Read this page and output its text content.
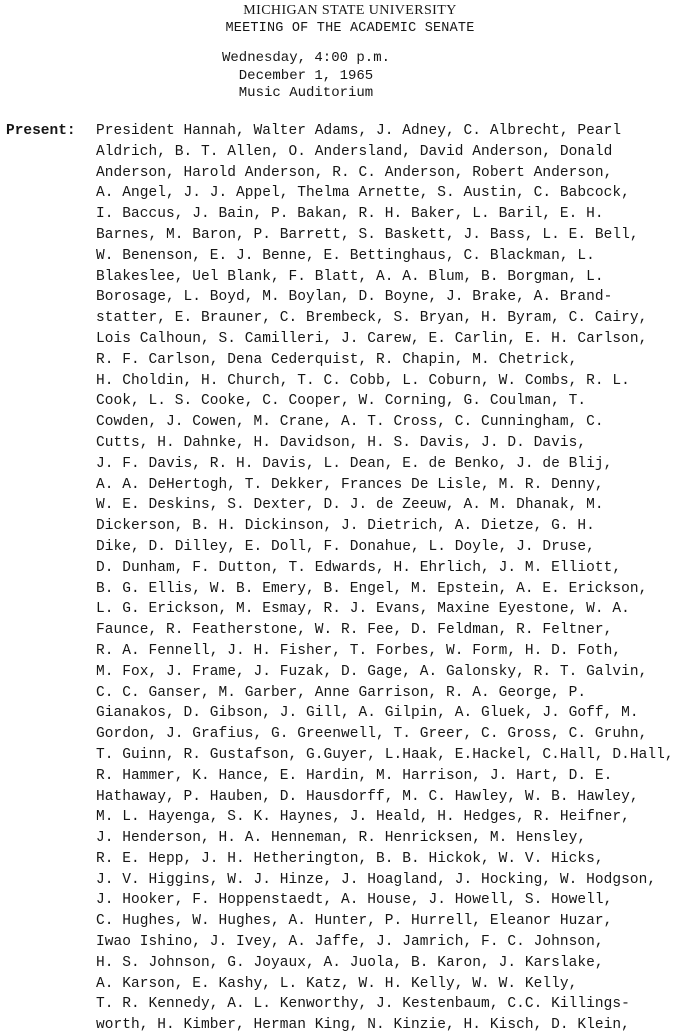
MICHIGAN STATE UNIVERSITY
MEETING OF THE ACADEMIC SENATE
Wednesday, 4:00 p.m.
December 1, 1965
Music Auditorium
Present: President Hannah, Walter Adams, J. Adney, C. Albrecht, Pearl
Aldrich, B. T. Allen, O. Andersland, David Anderson, Donald
Anderson, Harold Anderson, R. C. Anderson, Robert Anderson,
A. Angel, J. J. Appel, Thelma Arnette, S. Austin, C. Babcock,
I. Baccus, J. Bain, P. Bakan, R. H. Baker, L. Baril, E. H.
Barnes, M. Baron, P. Barrett, S. Baskett, J. Bass, L. E. Bell,
W. Benenson, E. J. Benne, E. Bettinghaus, C. Blackman, L.
Blakeslee, Uel Blank, F. Blatt, A. A. Blum, B. Borgman, L.
Borosage, L. Boyd, M. Boylan, D. Boyne, J. Brake, A. Brand-
statter, E. Brauner, C. Brembeck, S. Bryan, H. Byram, C. Cairy,
Lois Calhoun, S. Camilleri, J. Carew, E. Carlin, E. H. Carlson,
R. F. Carlson, Dena Cederquist, R. Chapin, M. Chetrick,
H. Choldin, H. Church, T. C. Cobb, L. Coburn, W. Combs, R. L.
Cook, L. S. Cooke, C. Cooper, W. Corning, G. Coulman, T.
Cowden, J. Cowen, M. Crane, A. T. Cross, C. Cunningham, C.
Cutts, H. Dahnke, H. Davidson, H. S. Davis, J. D. Davis,
J. F. Davis, R. H. Davis, L. Dean, E. de Benko, J. de Blij,
A. A. DeHertogh, T. Dekker, Frances De Lisle, M. R. Denny,
W. E. Deskins, S. Dexter, D. J. de Zeeuw, A. M. Dhanak, M.
Dickerson, B. H. Dickinson, J. Dietrich, A. Dietze, G. H.
Dike, D. Dilley, E. Doll, F. Donahue, L. Doyle, J. Druse,
D. Dunham, F. Dutton, T. Edwards, H. Ehrlich, J. M. Elliott,
B. G. Ellis, W. B. Emery, B. Engel, M. Epstein, A. E. Erickson,
L. G. Erickson, M. Esmay, R. J. Evans, Maxine Eyestone, W. A.
Faunce, R. Featherstone, W. R. Fee, D. Feldman, R. Feltner,
R. A. Fennell, J. H. Fisher, T. Forbes, W. Form, H. D. Foth,
M. Fox, J. Frame, J. Fuzak, D. Gage, A. Galonsky, R. T. Galvin,
C. C. Ganser, M. Garber, Anne Garrison, R. A. George, P.
Gianakos, D. Gibson, J. Gill, A. Gilpin, A. Gluek, J. Goff, M.
Gordon, J. Grafius, G. Greenwell, T. Greer, C. Gross, C. Gruhn,
T. Guinn, R. Gustafson, G.Guyer, L.Haak, E.Hackel, C.Hall, D.Hall,
R. Hammer, K. Hance, E. Hardin, M. Harrison, J. Hart, D. E.
Hathaway, P. Hauben, D. Hausdorff, M. C. Hawley, W. B. Hawley,
M. L. Hayenga, S. K. Haynes, J. Heald, H. Hedges, R. Heifner,
J. Henderson, H. A. Henneman, R. Henricksen, M. Hensley,
R. E. Hepp, J. H. Hetherington, B. B. Hickok, W. V. Hicks,
J. V. Higgins, W. J. Hinze, J. Hoagland, J. Hocking, W. Hodgson,
J. Hooker, F. Hoppenstaedt, A. House, J. Howell, S. Howell,
C. Hughes, W. Hughes, A. Hunter, P. Hurrell, Eleanor Huzar,
Iwao Ishino, J. Ivey, A. Jaffe, J. Jamrich, F. C. Johnson,
H. S. Johnson, G. Joyaux, A. Juola, B. Karon, J. Karslake,
A. Karson, E. Kashy, L. Katz, W. H. Kelly, W. W. Kelly,
T. R. Kennedy, A. L. Kenworthy, J. Kestenbaum, C.C. Killings-
worth, H. Kimber, Herman King, N. Kinzie, H. Kisch, D. Klein,
